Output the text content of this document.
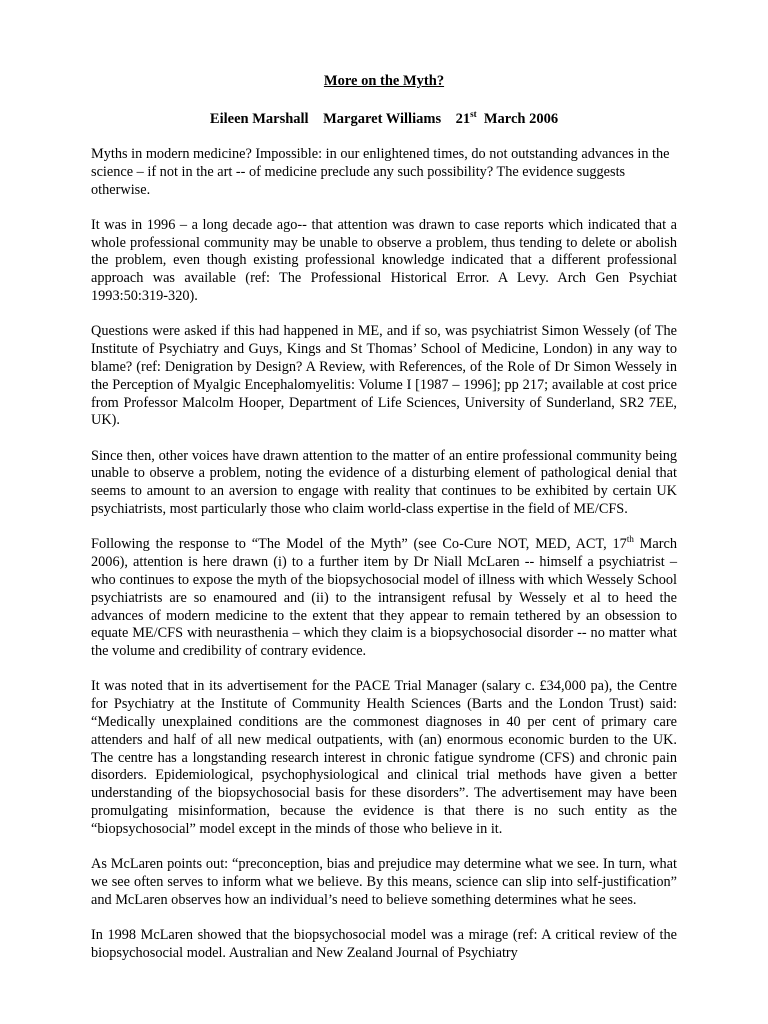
More on the Myth?

Eileen Marshall Margaret Williams 21st March 2006

Myths in modern medicine? Impossible: in our enlightened times, do not outstanding advances in the science – if not in the art -- of medicine preclude any such possibility? The evidence suggests otherwise.

It was in 1996 – a long decade ago-- that attention was drawn to case reports which indicated that a whole professional community may be unable to observe a problem, thus tending to delete or abolish the problem, even though existing professional knowledge indicated that a different professional approach was available (ref: The Professional Historical Error. A Levy. Arch Gen Psychiat 1993:50:319-320).

Questions were asked if this had happened in ME, and if so, was psychiatrist Simon Wessely (of The Institute of Psychiatry and Guys, Kings and St Thomas’ School of Medicine, London) in any way to blame? (ref: Denigration by Design? A Review, with References, of the Role of Dr Simon Wessely in the Perception of Myalgic Encephalomyelitis: Volume I [1987 – 1996]; pp 217; available at cost price from Professor Malcolm Hooper, Department of Life Sciences, University of Sunderland, SR2 7EE, UK).

Since then, other voices have drawn attention to the matter of an entire professional community being unable to observe a problem, noting the evidence of a disturbing element of pathological denial that seems to amount to an aversion to engage with reality that continues to be exhibited by certain UK psychiatrists, most particularly those who claim world-class expertise in the field of ME/CFS.

Following the response to “The Model of the Myth” (see Co-Cure NOT, MED, ACT, 17th March 2006), attention is here drawn (i) to a further item by Dr Niall McLaren -- himself a psychiatrist – who continues to expose the myth of the biopsychosocial model of illness with which Wessely School psychiatrists are so enamoured and (ii) to the intransigent refusal by Wessely et al to heed the advances of modern medicine to the extent that they appear to remain tethered by an obsession to equate ME/CFS with neurasthenia – which they claim is a biopsychosocial disorder -- no matter what the volume and credibility of contrary evidence.

It was noted that in its advertisement for the PACE Trial Manager (salary c. £34,000 pa), the Centre for Psychiatry at the Institute of Community Health Sciences (Barts and the London Trust) said: “Medically unexplained conditions are the commonest diagnoses in 40 per cent of primary care attenders and half of all new medical outpatients, with (an) enormous economic burden to the UK. The centre has a longstanding research interest in chronic fatigue syndrome (CFS) and chronic pain disorders. Epidemiological, psychophysiological and clinical trial methods have given a better understanding of the biopsychosocial basis for these disorders”. The advertisement may have been promulgating misinformation, because the evidence is that there is no such entity as the “biopsychosocial” model except in the minds of those who believe in it.

As McLaren points out: “preconception, bias and prejudice may determine what we see. In turn, what we see often serves to inform what we believe. By this means, science can slip into self-justification” and McLaren observes how an individual’s need to believe something determines what he sees.

In 1998 McLaren showed that the biopsychosocial model was a mirage (ref: A critical review of the biopsychosocial model. Australian and New Zealand Journal of Psychiatry
